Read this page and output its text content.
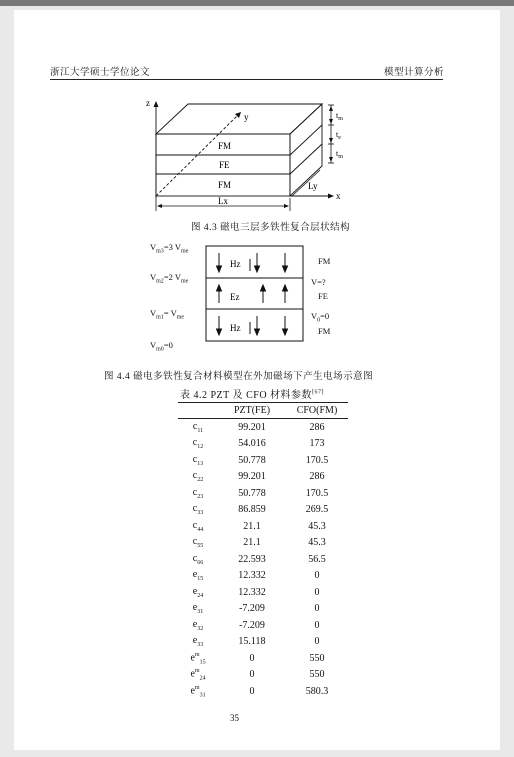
浙江大学硕士学位论文	模型计算分析
z
FM
FE
FM
y
x
Ly
Lx
$t_m$
$t_e$
$t_m$
图 4.3 磁电三层多铁性复合层状结构
$V_{m3}=3$ $V_{me}$
$V_{m2}=2$ $V_{me}$
$V_{m1}= V_{me}$
$V_{m0}=0$
Hz
Ez
Hz
FM
V=?
FE
$V_0=0$
FM
图 4.4 磁电多铁性复合材料模型在外加磁场下产生电场示意图
表 4.2 PZT 及 CFO 材料参数[67]
	PZT(FE)	CFO(FM)
$c_{11}$	99.201	286
$c_{12}$	54.016	173
$c_{13}$	50.778	170.5
$c_{22}$	99.201	286
$c_{23}$	50.778	170.5
$c_{33}$	86.859	269.5
$c_{44}$	21.1	45.3
$c_{55}$	21.1	45.3
$c_{66}$	22.593	56.5
$e_{15}$	12.332	0
$e_{24}$	12.332	0
$e_{31}$	-7.209	0
$e_{32}$	-7.209	0
$e_{33}$	15.118	0
$e^m_{15}$	0	550
$e^m_{24}$	0	550
$e^m_{31}$	0	580.3
35
